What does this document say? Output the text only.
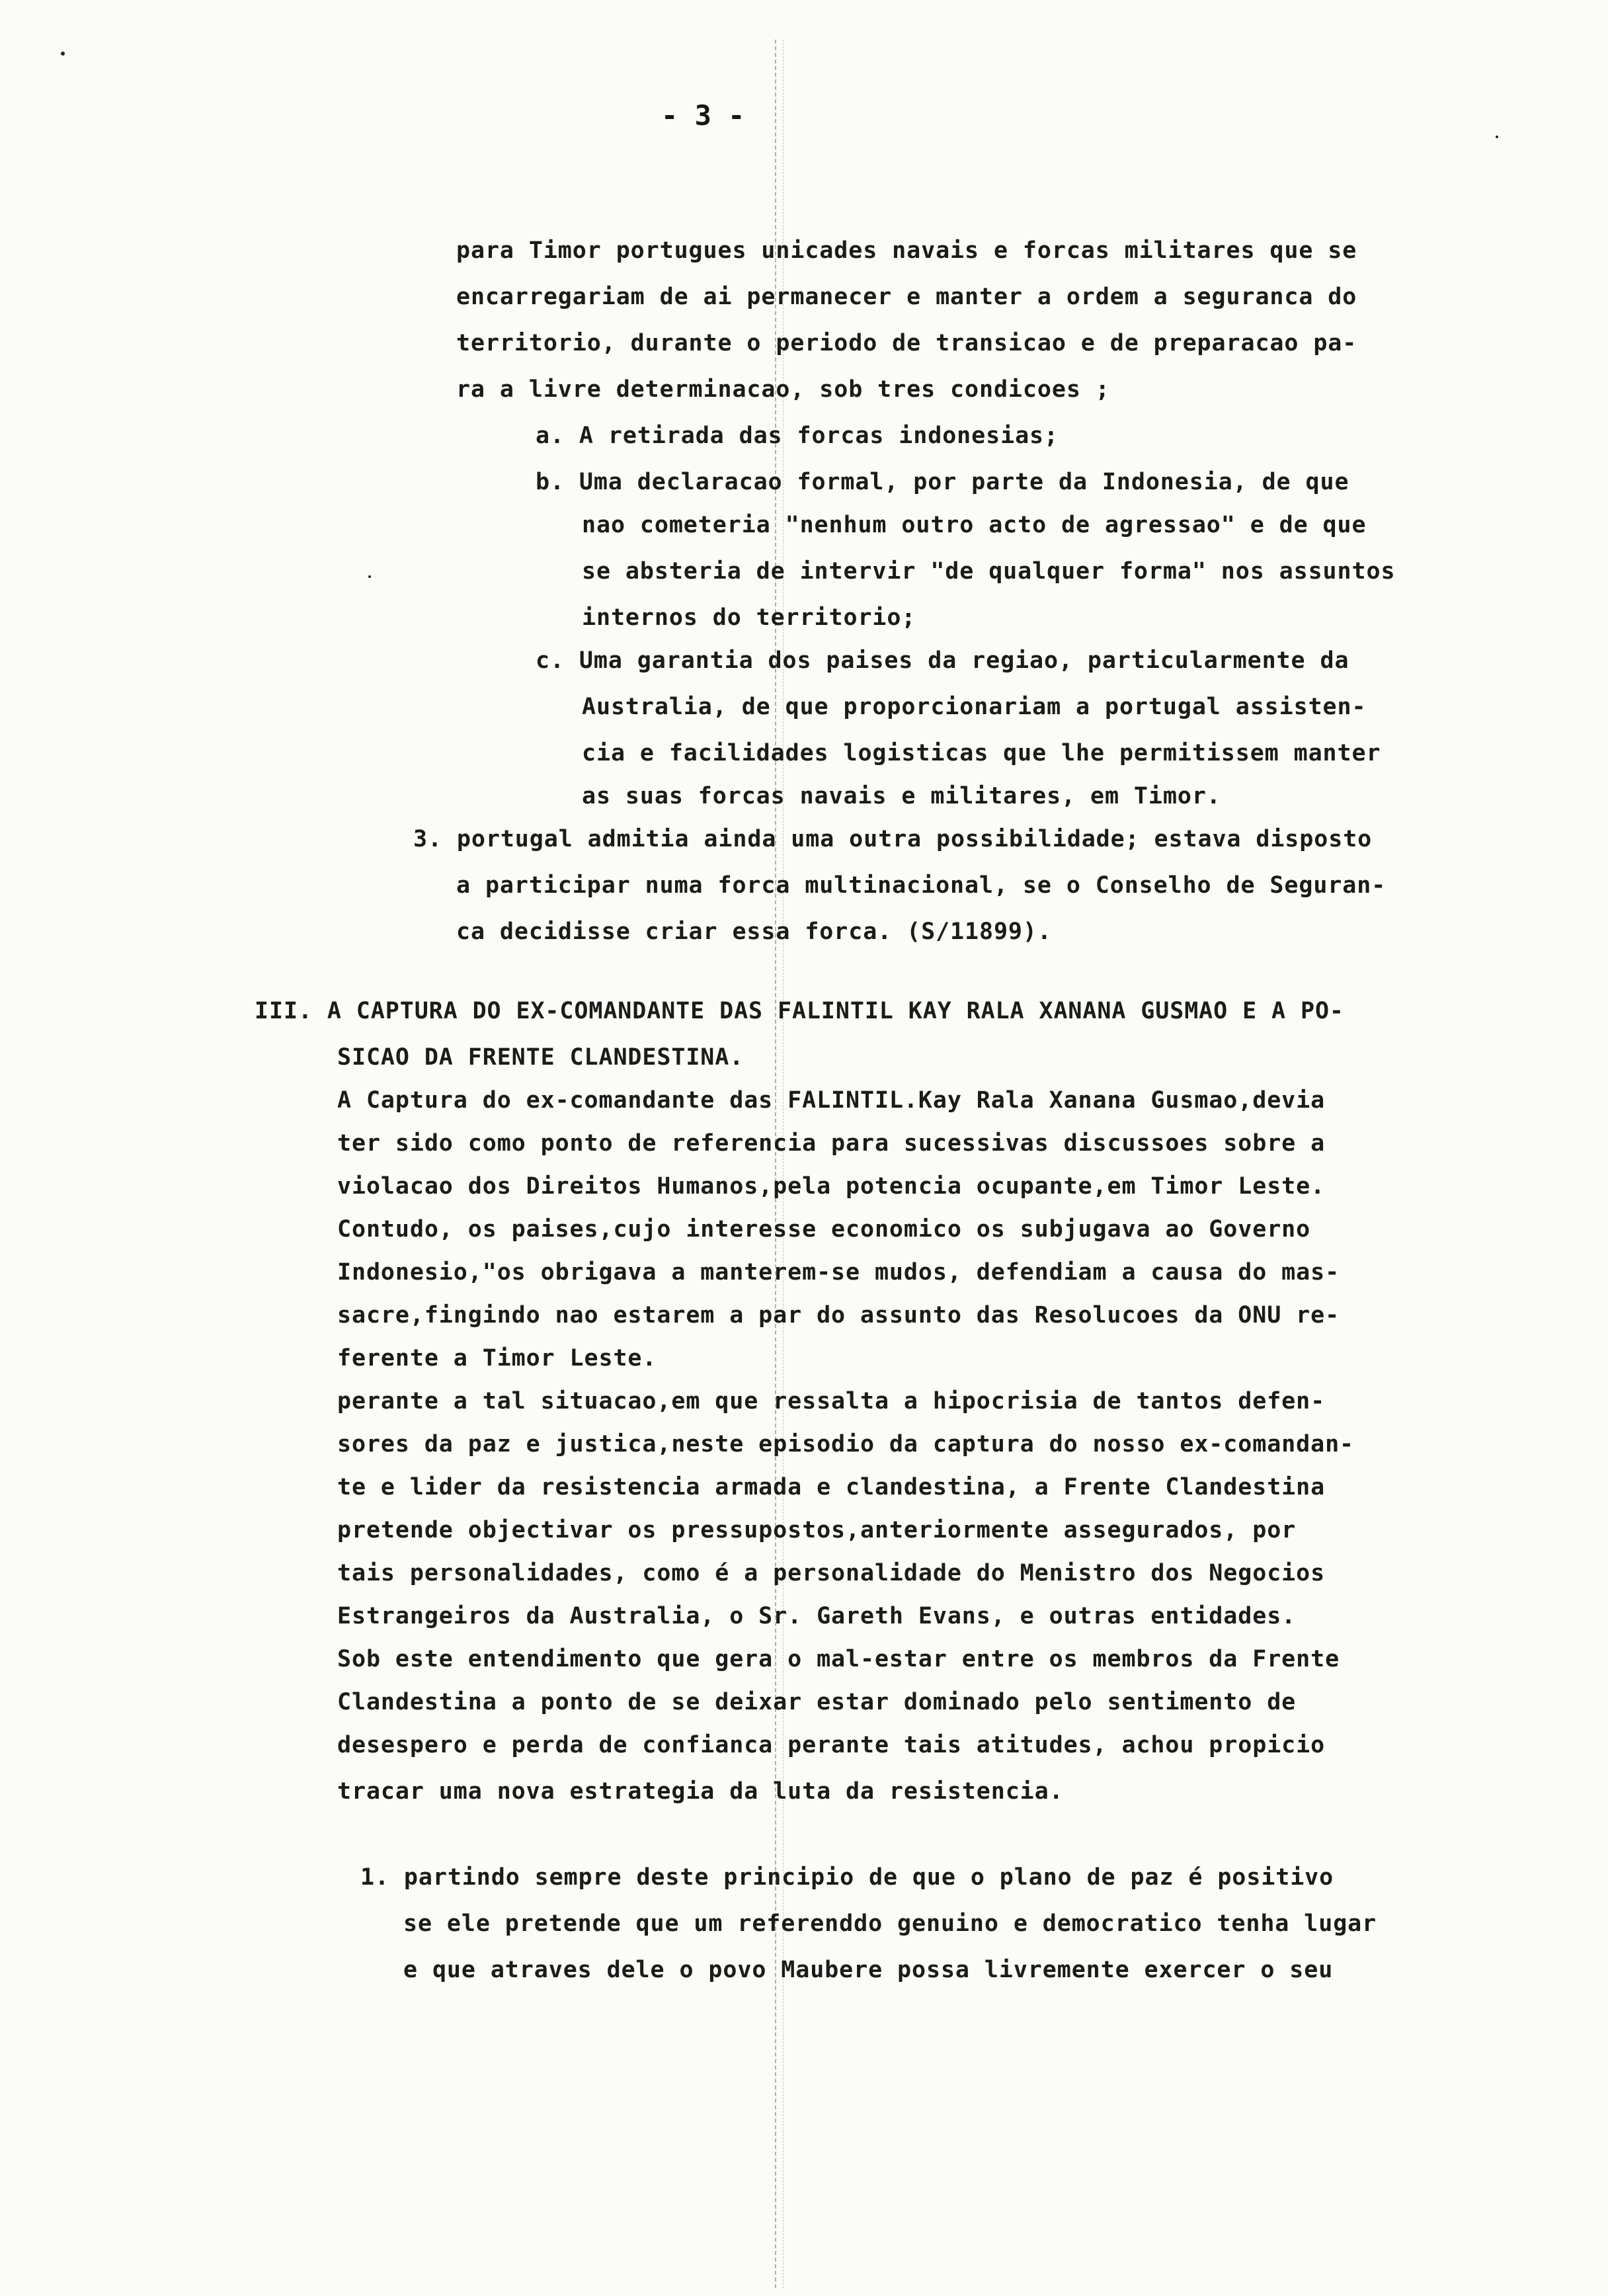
- 3 -
para Timor portugues unicades navais e forcas militares que se
encarregariam de ai permanecer e manter a ordem a seguranca do
territorio, durante o periodo de transicao e de preparacao pa-
ra a livre determinacao, sob tres condicoes ;
a. A retirada das forcas indonesias;
b. Uma declaracao formal, por parte da Indonesia, de que
nao cometeria "nenhum outro acto de agressao" e de que
se absteria de intervir "de qualquer forma" nos assuntos
internos do territorio;
c. Uma garantia dos paises da regiao, particularmente da
Australia, de que proporcionariam a portugal assisten-
cia e facilidades logisticas que lhe permitissem manter
as suas forcas navais e militares, em Timor.
3. portugal admitia ainda uma outra possibilidade; estava disposto
a participar numa forca multinacional, se o Conselho de Seguran-
ca decidisse criar essa forca. (S/11899).
III. A CAPTURA DO EX-COMANDANTE DAS FALINTIL KAY RALA XANANA GUSMAO E A PO-
SICAO DA FRENTE CLANDESTINA.
A Captura do ex-comandante das FALINTIL.Kay Rala Xanana Gusmao,devia
ter sido como ponto de referencia para sucessivas discussoes sobre a
violacao dos Direitos Humanos,pela potencia ocupante,em Timor Leste.
Contudo, os paises,cujo interesse economico os subjugava ao Governo
Indonesio,"os obrigava a manterem-se mudos, defendiam a causa do mas-
sacre,fingindo nao estarem a par do assunto das Resolucoes da ONU re-
ferente a Timor Leste.
perante a tal situacao,em que ressalta a hipocrisia de tantos defen-
sores da paz e justica,neste episodio da captura do nosso ex-comandan-
te e lider da resistencia armada e clandestina, a Frente Clandestina
pretende objectivar os pressupostos,anteriormente assegurados, por
tais personalidades, como é a personalidade do Menistro dos Negocios
Estrangeiros da Australia, o Sr. Gareth Evans, e outras entidades.
Sob este entendimento que gera o mal-estar entre os membros da Frente
Clandestina a ponto de se deixar estar dominado pelo sentimento de
desespero e perda de confianca perante tais atitudes, achou propicio
tracar uma nova estrategia da luta da resistencia.
1. partindo sempre deste principio de que o plano de paz é positivo
se ele pretende que um referenddo genuino e democratico tenha lugar
e que atraves dele o povo Maubere possa livremente exercer o seu
